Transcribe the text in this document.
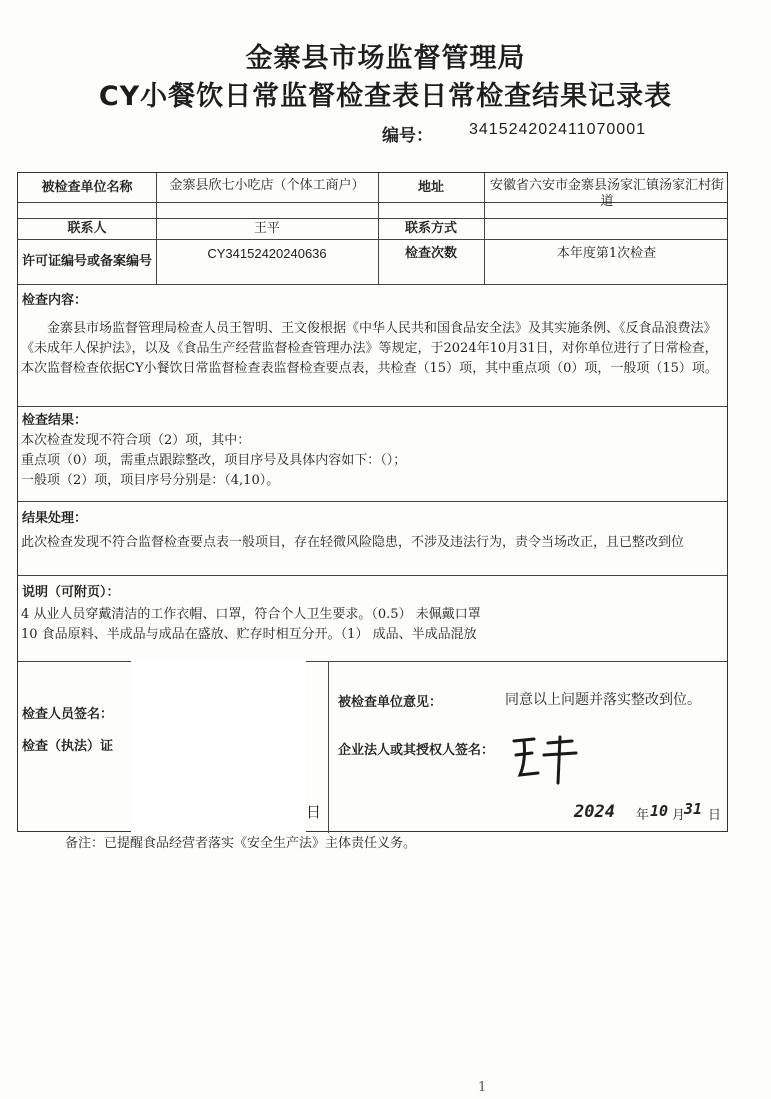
金寨县市场监督管理局
CY小餐饮日常监督检查表日常检查结果记录表
编号： 341524202411070001
被检查单位名称	金寨县欣七小吃店（个体工商户）	地址	安徽省六安市金寨县汤家汇镇汤家汇村街道
联系人	王平	联系方式
许可证编号或备案编号	CY34152420240636	检查次数	本年度第1次检查
检查内容：
金寨县市场监督管理局检查人员王智明、王文俊根据《中华人民共和国食品安全法》及其实施条例、《反食品浪费法》《未成年人保护法》，以及《食品生产经营监督检查管理办法》等规定，于2024年10月31日，对你单位进行了日常检查，本次监督检查依据CY小餐饮日常监督检查表监督检查要点表，共检查（15）项，其中重点项（0）项，一般项（15）项。
检查结果：
本次检查发现不符合项（2）项，其中：
重点项（0）项，需重点跟踪整改，项目序号及具体内容如下：（）；
一般项（2）项，项目序号分别是：（4,10）。
结果处理：
此次检查发现不符合监督检查要点表一般项目，存在轻微风险隐患，不涉及违法行为，责令当场改正，且已整改到位
说明（可附页）：
4 从业人员穿戴清洁的工作衣帽、口罩，符合个人卫生要求。（0.5） 未佩戴口罩
10 食品原料、半成品与成品在盛放、贮存时相互分开。（1） 成品、半成品混放
检查人员签名：
检查（执法）证
日
被检查单位意见：	同意以上问题并落实整改到位。
企业法人或其授权人签名：
2024 年 10 月
31 日
备注：已提醒食品经营者落实《安全生产法》主体责任义务。
1
